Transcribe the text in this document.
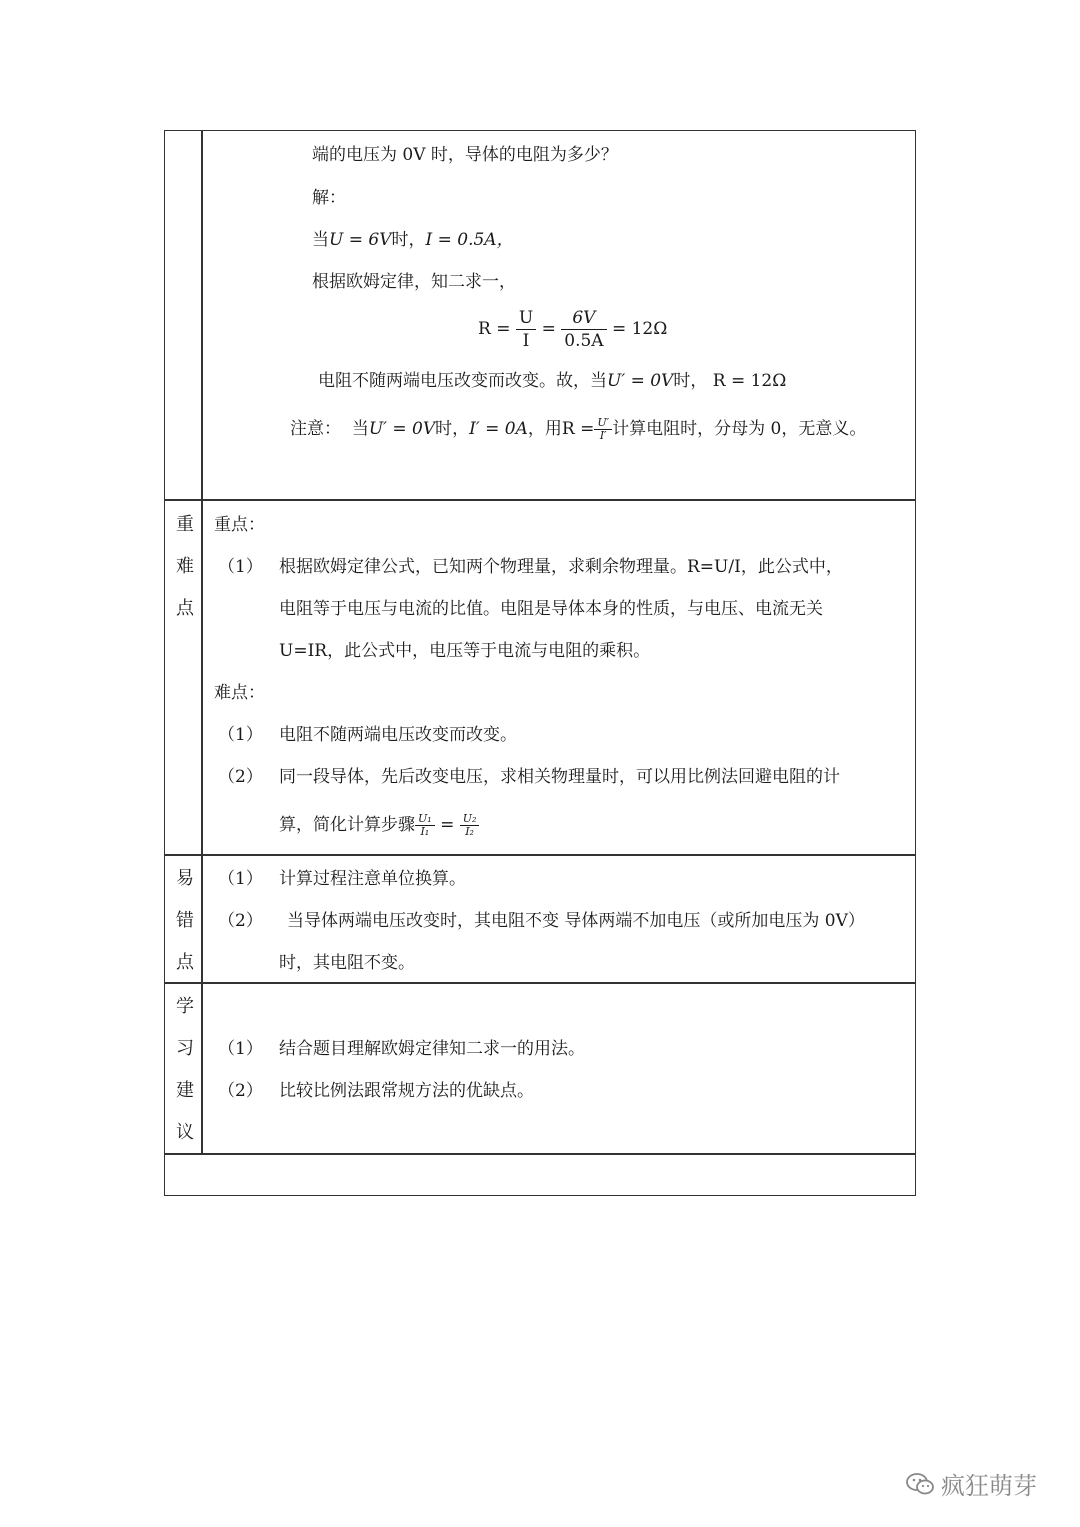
端的电压为 0V 时，导体的电阻为多少？
解：
当U = 6V时，I = 0.5A，
根据欧姆定律，知二求一，
$R = \frac{U}{I} = \frac{6V}{0.5A} = 12\Omega$
电阻不随两端电压改变而改变。故，当U′ = 0V时， R = 12Ω
注意： 当U′ = 0V时，I′ = 0A，用$R = \frac{U'}{I'}$ 计算电阻时，分母为 0，无意义。
重
难
点
重点：
（1） 根据欧姆定律公式，已知两个物理量，求剩余物理量。R=U/I，此公式中，
电阻等于电压与电流的比值。电阻是导体本身的性质，与电压、电流无关
U=IR，此公式中，电压等于电流与电阻的乘积。
难点：
（1） 电阻不随两端电压改变而改变。
（2） 同一段导体，先后改变电压，求相关物理量时，可以用比例法回避电阻的计
算，简化计算步骤 $\frac{\text{U₁}}{\text{I₁}} = \frac{\text{U₂}}{\text{I₂}}$
易
错
点
（1） 计算过程注意单位换算。
（2） 当导体两端电压改变时，其电阻不变 导体两端不加电压（或所加电压为 0V）
时，其电阻不变。
学
习
建
议
（1） 结合题目理解欧姆定律知二求一的用法。
（2） 比较比例法跟常规方法的优缺点。
疯狂萌芽
